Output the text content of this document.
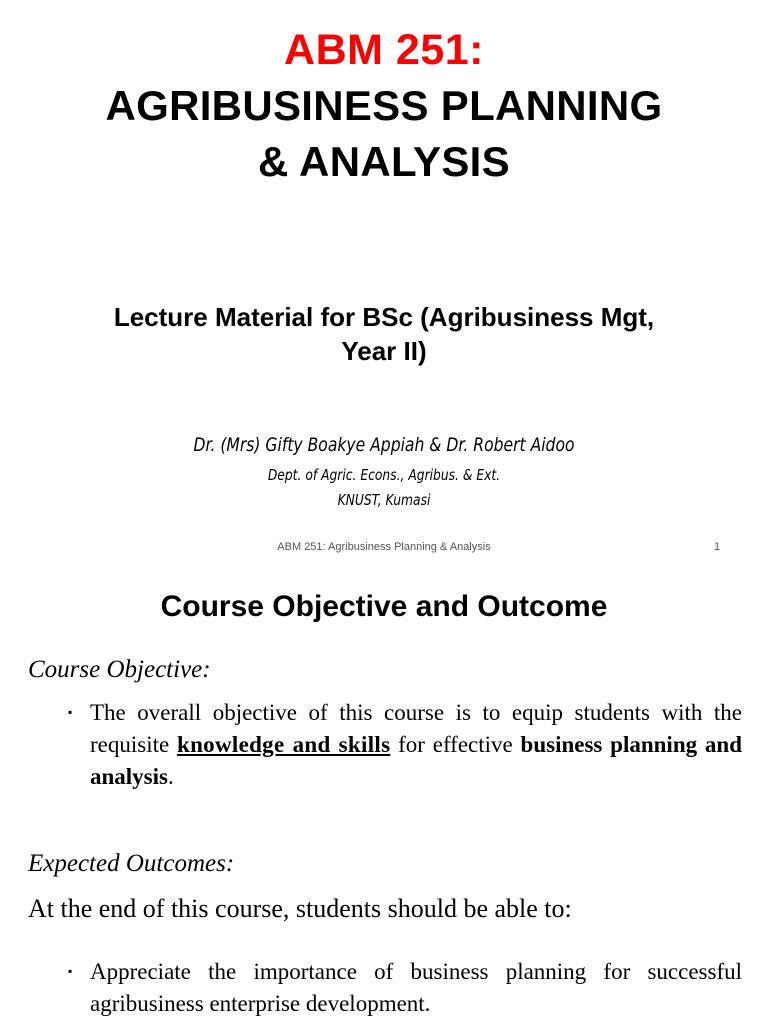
ABM 251:
AGRIBUSINESS PLANNING
& ANALYSIS
Lecture Material for BSc (Agribusiness Mgt,
Year II)
Dr. (Mrs) Gifty Boakye Appiah & Dr. Robert Aidoo
Dept. of Agric. Econs., Agribus. & Ext.
KNUST, Kumasi
ABM 251: Agribusiness Planning & Analysis	1
Course Objective and Outcome
Course Objective:
▪ The overall objective of this course is to equip students with the requisite knowledge and skills for effective business planning and analysis.
Expected Outcomes:
At the end of this course, students should be able to:
▪ Appreciate the importance of business planning for successful agribusiness enterprise development.
